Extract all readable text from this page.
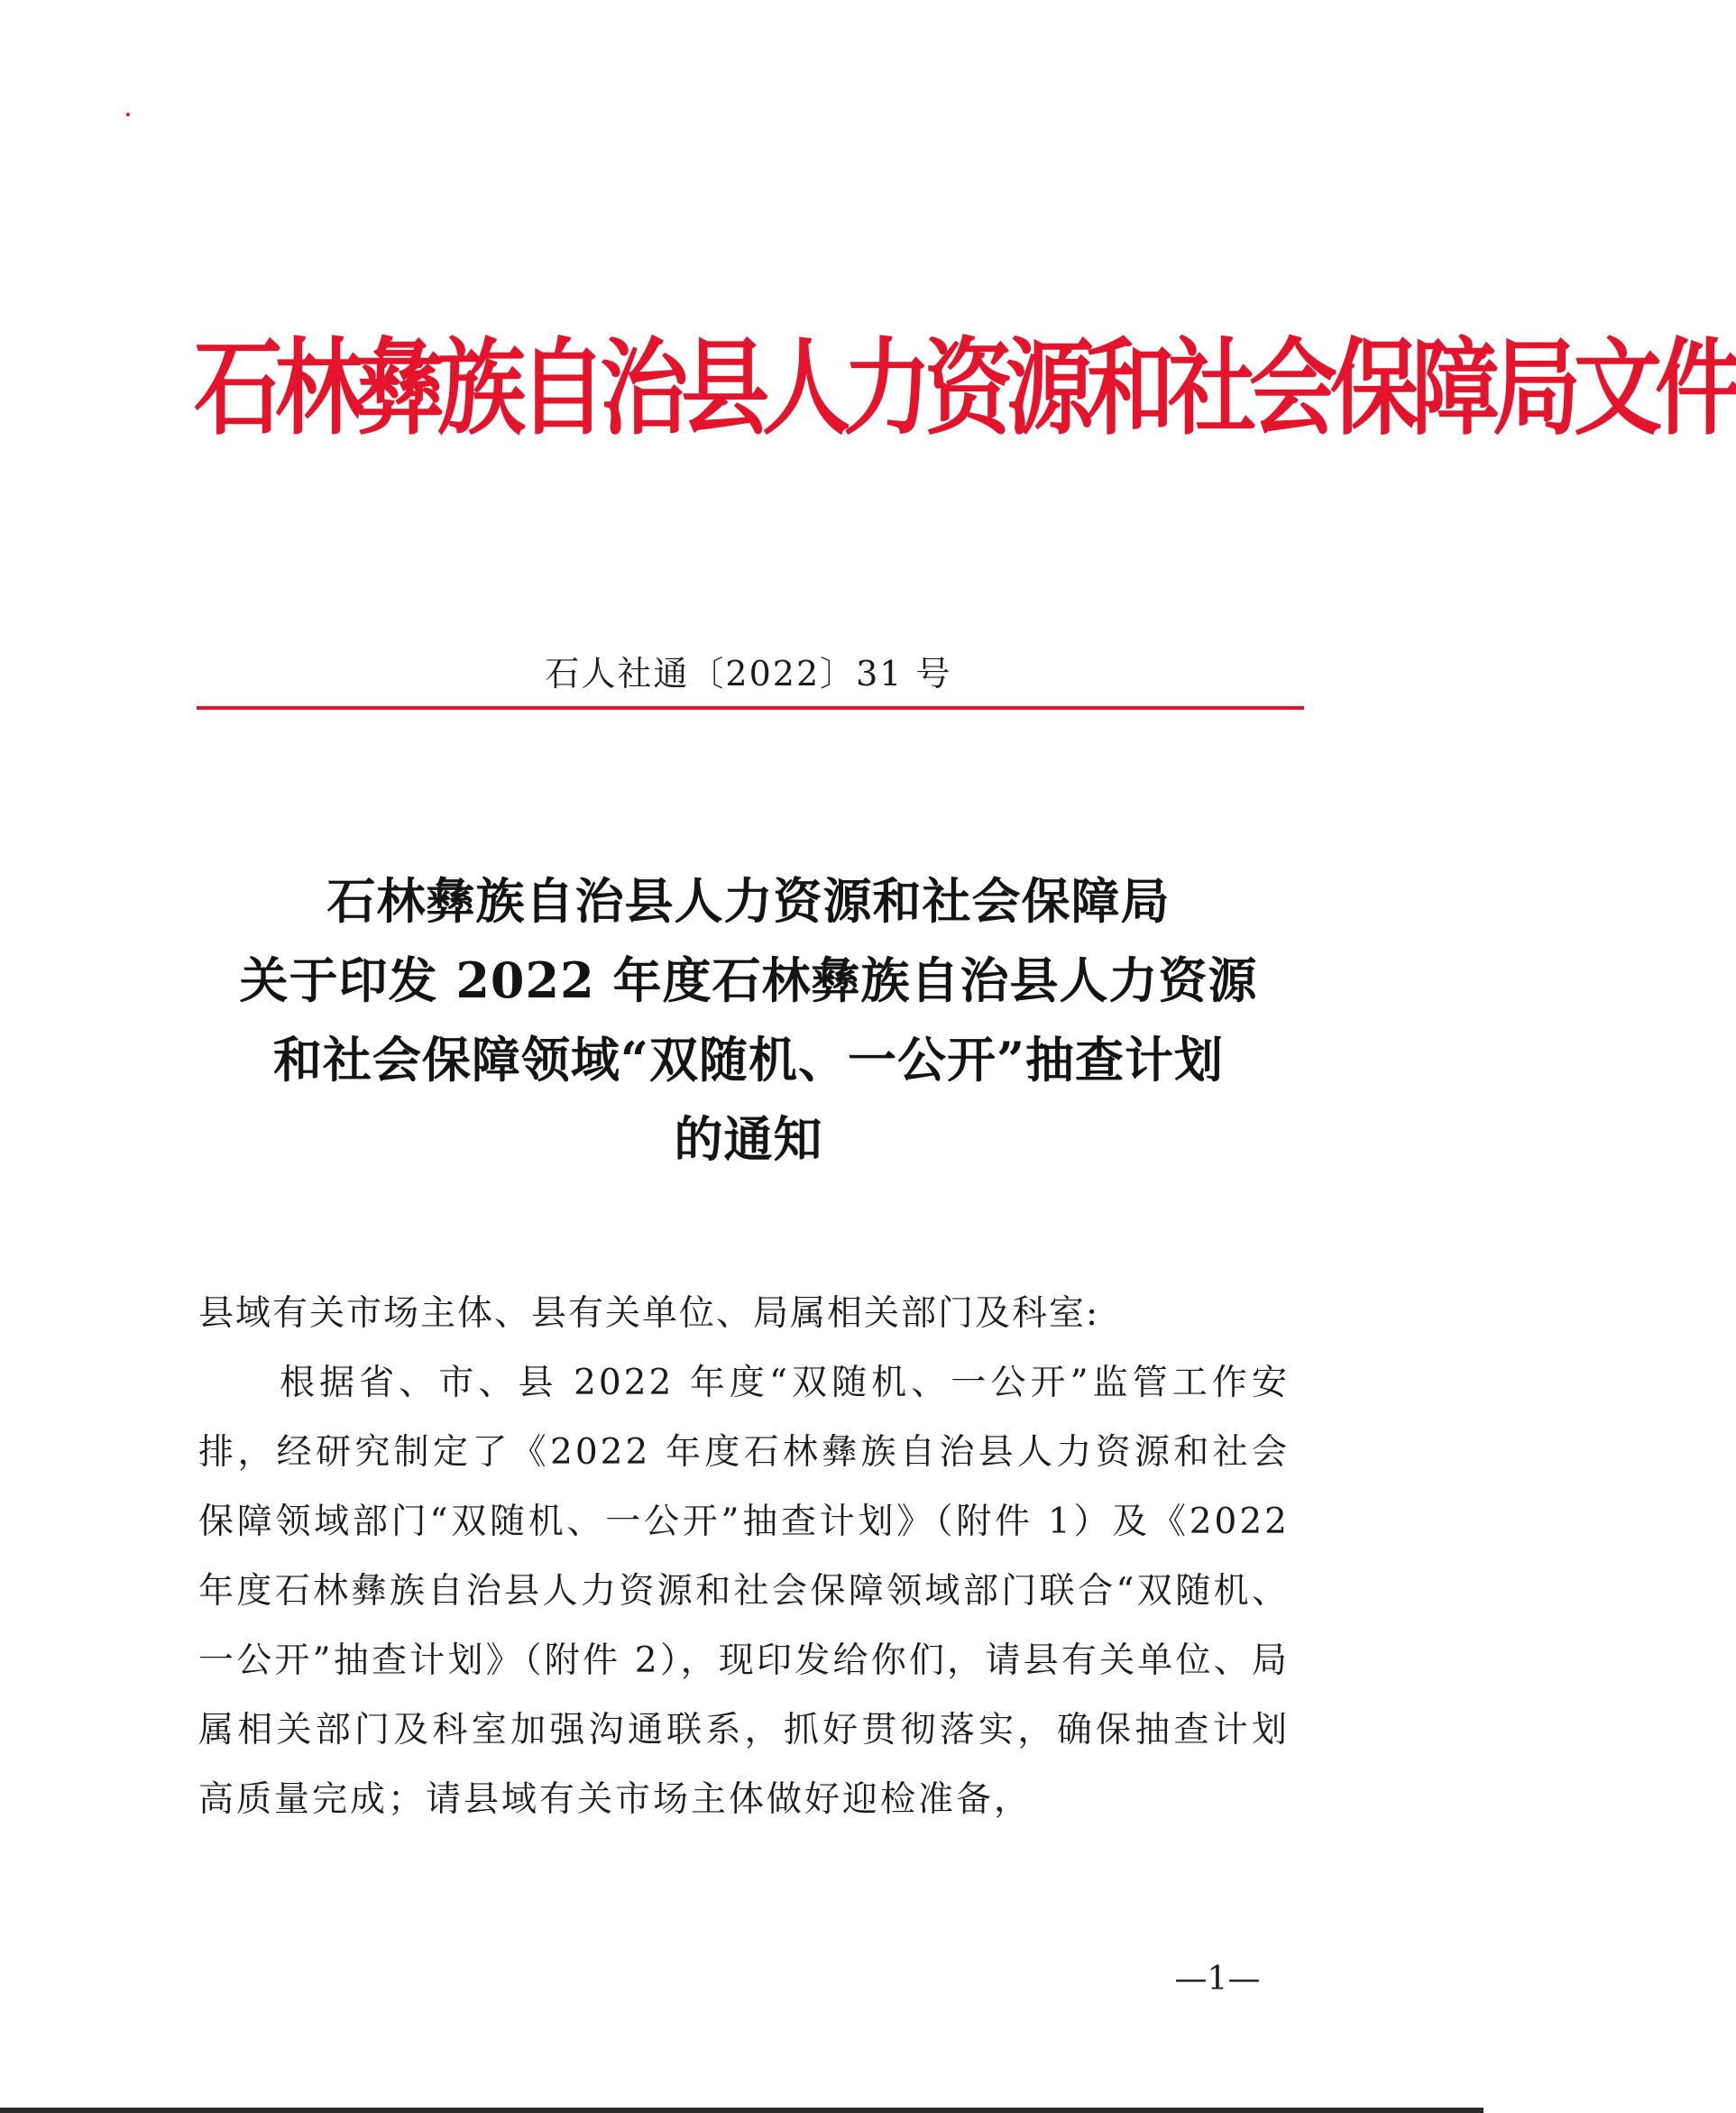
石林彝族自治县人力资源和社会保障局文件
石人社通〔2022〕31 号
石林彝族自治县人力资源和社会保障局
关于印发 2022 年度石林彝族自治县人力资源
和社会保障领域“双随机、一公开”抽查计划
的通知
县域有关市场主体、县有关单位、局属相关部门及科室:
根据省、市、县 2022 年度“双随机、一公开”监管工作安排，经研究制定了《2022 年度石林彝族自治县人力资源和社会保障领域部门“双随机、一公开”抽查计划》（附件 1）及《2022 年度石林彝族自治县人力资源和社会保障领域部门联合“双随机、一公开”抽查计划》（附件 2），现印发给你们，请县有关单位、局属相关部门及科室加强沟通联系，抓好贯彻落实，确保抽查计划高质量完成；请县域有关市场主体做好迎检准备，
—1—
